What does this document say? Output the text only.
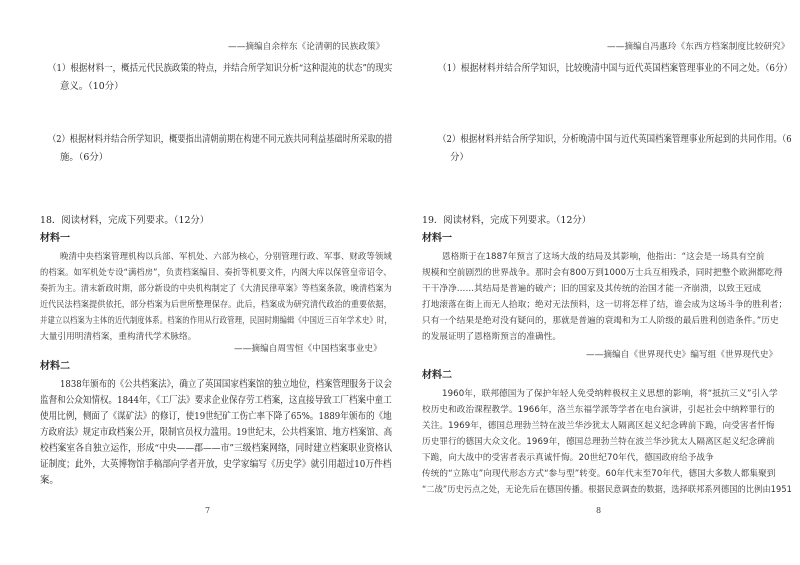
——摘编自余梓东《论清朝的民族政策》
（1）根据材料一，概括元代民族政策的特点，并结合所学知识分析“这种混沌的状态”的现实
意义。（10分）
（2）根据材料并结合所学知识，概要指出清朝前期在构建不同元族共同利益基础时所采取的措
施。（6分）
18．阅读材料，完成下列要求。（12分）
材料一
晚清中央档案管理机构以兵部、军机处、六部为核心，分别管理行政、军事、财政等领域
的档案。如军机处专设“满档房”，负责档案编目、奏折等机要文件，内阁大库以保管皇帝诏令、
奏折为主。清末新政时期，部分新设的中央机构制定了《大清民律草案》等档案条款，晚清档案为
近代民法档案提供依托，部分档案为后世所整理保存。此后，档案成为研究清代政治的重要依据，
并建立以档案为主体的近代制度体系。档案的作用从行政管理，民国时期编辑《中国近三百年学术史》时，
大量引用明清档案，重构清代学术脉络。
——摘编自周雪恒《中国档案事业史》
材料二
1838年颁布的《公共档案法》，确立了英国国家档案馆的独立地位，档案管理服务于议会
监督和公众知情权。1844年，《工厂法》要求企业保存劳工档案，这直接导致工厂档案中童工
使用比例，侧面了《谋矿法》的修订，使19世纪矿工伤亡率下降了65%。1889年颁布的《地
方政府法》规定市政档案公开，限制官员权力滥用。19世纪末，公共档案馆、地方档案馆、高
校档案室各自独立运作，形成“中央——郡——市”三级档案网络，同时建立档案职业资格认
证制度；此外，大英博物馆手稿部向学者开放，史学家编写《历史学》就引用超过10万件档
案。
7
——摘编自冯惠玲《东西方档案制度比较研究》
（1）根据材料并结合所学知识，比较晚清中国与近代英国档案管理事业的不同之处。（6分）
（2）根据材料并结合所学知识，分析晚清中国与近代英国档案管理事业所起到的共同作用。（6
分）
19．阅读材料，完成下列要求。（12分）
材料一
恩格斯于在1887年预言了这场大战的结局及其影响，他指出：“这会是一场具有空前
规模和空前剧烈的世界战争。那时会有800万到1000万士兵互相残杀，同时把整个欧洲都吃得
干干净净……其结局是普遍的破产；旧的国家及其传统的治国才能一齐崩溃，以致王冠成
打地滚落在街上而无人拾取；绝对无法预料，这一切将怎样了结，谁会成为这场斗争的胜利者；
只有一个结果是绝对没有疑问的，那就是普遍的衰竭和为工人阶级的最后胜利创造条件。”历史
的发展证明了恩格斯预言的准确性。
——摘编自《世界现代史》编写组《世界现代史》
材料二
1960年，联邦德国为了保护年轻人免受纳粹极权主义思想的影响，将“抵抗三义”引入学
校历史和政治课程教学。1966年，洛兰东福学派等学者在电台演讲，引起社会中纳粹罪行的
关注。1969年，德国总理勃兰特在波兰华沙犹太人隔离区起义纪念碑前下跪，向受害者忏悔
历史罪行的德国大众文化。1969年，德国总理勃兰特在波兰华沙犹太人隔离区起义纪念碑前
下跪，向大战中的受害者表示真诚忏悔。20世纪70年代，德国政府给予战争
传统的“立陈屯”向现代形态方式“参与型”转变。60年代末至70年代，德国大多数人都集聚到
“二战”历史污点之处，无论先后在德国传播。根据民意调查的数据，选择联邦系列德国的比例由1951
8
